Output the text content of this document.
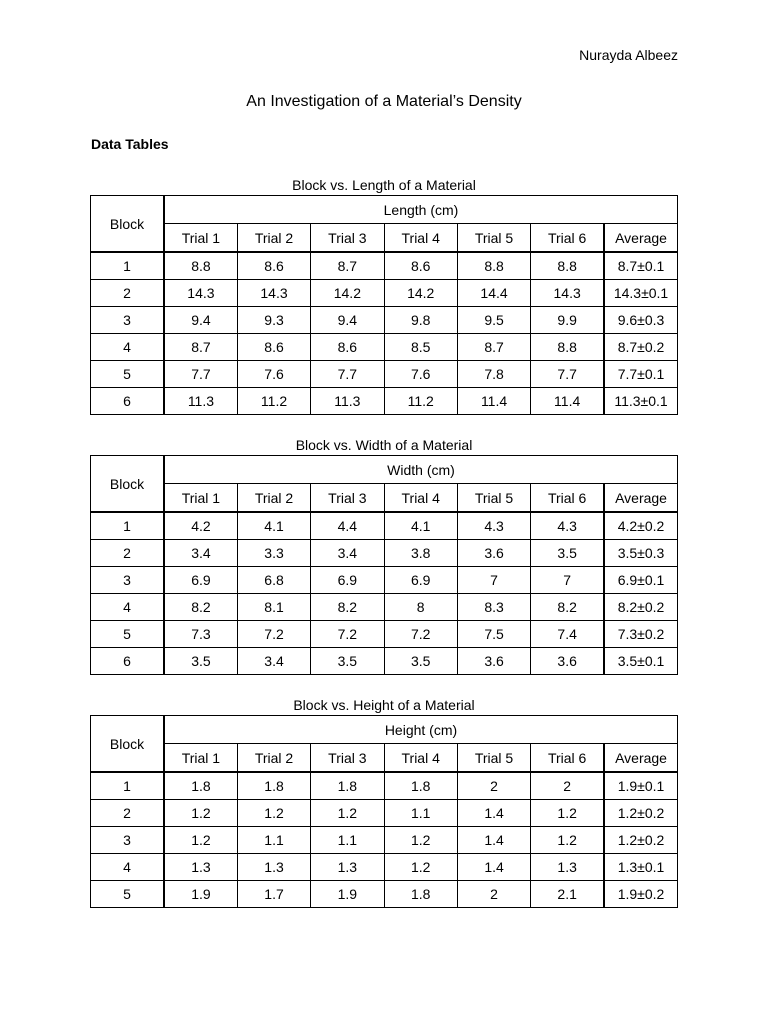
Nurayda Albeez
An Investigation of a Material’s Density
Data Tables
Block vs. Length of a Material
Block	Length (cm)						
	Trial 1	Trial 2	Trial 3	Trial 4	Trial 5	Trial 6	Average
1	8.8	8.6	8.7	8.6	8.8	8.8	8.7±0.1
2	14.3	14.3	14.2	14.2	14.4	14.3	14.3±0.1
3	9.4	9.3	9.4	9.8	9.5	9.9	9.6±0.3
4	8.7	8.6	8.6	8.5	8.7	8.8	8.7±0.2
5	7.7	7.6	7.7	7.6	7.8	7.7	7.7±0.1
6	11.3	11.2	11.3	11.2	11.4	11.4	11.3±0.1
Block vs. Width of a Material
Block	Width (cm)						
	Trial 1	Trial 2	Trial 3	Trial 4	Trial 5	Trial 6	Average
1	4.2	4.1	4.4	4.1	4.3	4.3	4.2±0.2
2	3.4	3.3	3.4	3.8	3.6	3.5	3.5±0.3
3	6.9	6.8	6.9	6.9	7	7	6.9±0.1
4	8.2	8.1	8.2	8	8.3	8.2	8.2±0.2
5	7.3	7.2	7.2	7.2	7.5	7.4	7.3±0.2
6	3.5	3.4	3.5	3.5	3.6	3.6	3.5±0.1
Block vs. Height of a Material
Block	Height (cm)						
	Trial 1	Trial 2	Trial 3	Trial 4	Trial 5	Trial 6	Average
1	1.8	1.8	1.8	1.8	2	2	1.9±0.1
2	1.2	1.2	1.2	1.1	1.4	1.2	1.2±0.2
3	1.2	1.1	1.1	1.2	1.4	1.2	1.2±0.2
4	1.3	1.3	1.3	1.2	1.4	1.3	1.3±0.1
5	1.9	1.7	1.9	1.8	2	2.1	1.9±0.2
